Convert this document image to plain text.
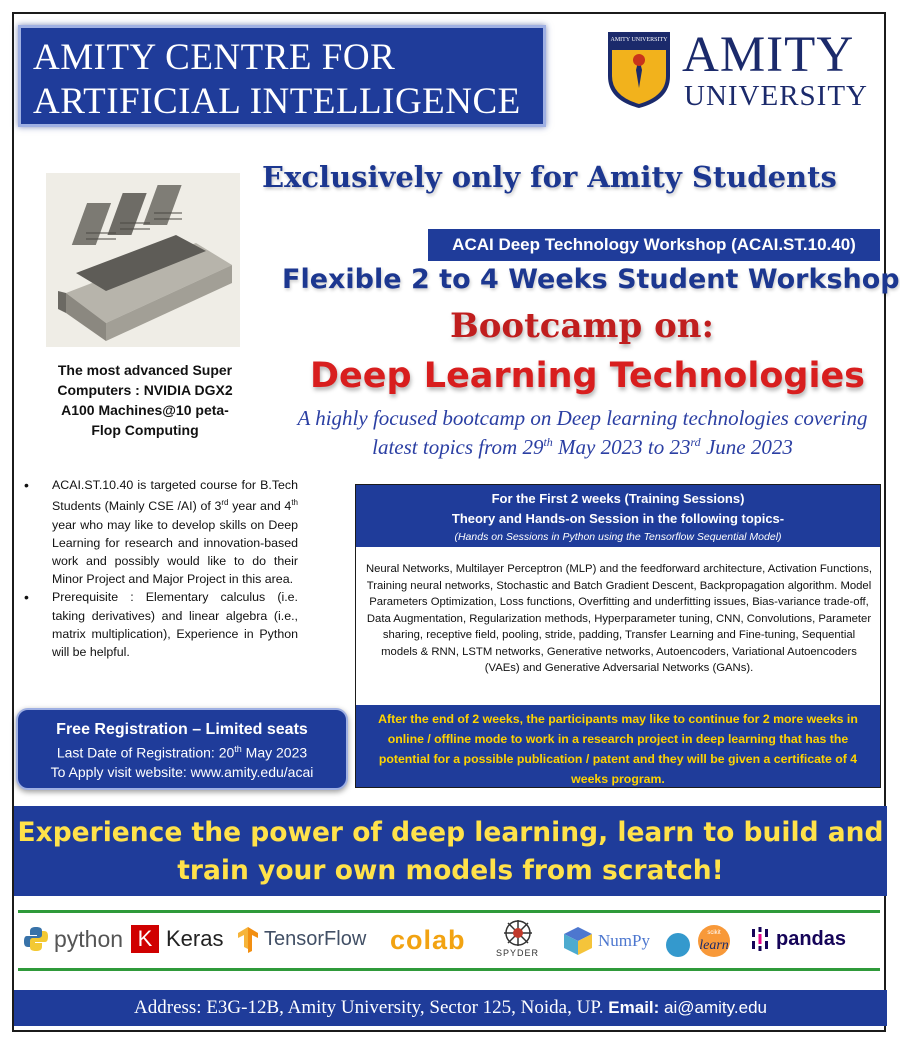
AMITY CENTRE FOR
ARTIFICIAL INTELLIGENCE
AMITY UNIVERSITY AMITY
UNIVERSITY
Exclusively only for Amity Students
ACAI Deep Technology Workshop (ACAI.ST.10.40)
Flexible 2 to 4 Weeks Student Workshop
Bootcamp on:
Deep Learning Technologies
A highly focused bootcamp on Deep learning technologies covering
latest topics from 29th May 2023 to 23rd June 2023
The most advanced Super
Computers : NVIDIA DGX2
A100 Machines@10 peta-
Flop Computing
• ACAI.ST.10.40 is targeted course for B.Tech Students (Mainly CSE /AI) of 3rd year and 4th year who may like to develop skills on Deep Learning for research and innovation-based work and possibly would like to do their Minor Project and Major Project in this area.
• Prerequisite : Elementary calculus (i.e. taking derivatives) and linear algebra (i.e., matrix multiplication), Experience in Python will be helpful.
Free Registration – Limited seats
Last Date of Registration: 20th May 2023
To Apply visit website: www.amity.edu/acai
For the First 2 weeks (Training Sessions)
Theory and Hands-on Session in the following topics-
(Hands on Sessions in Python using the Tensorflow Sequential Model)
Neural Networks, Multilayer Perceptron (MLP) and the feedforward architecture, Activation Functions, Training neural networks, Stochastic and Batch Gradient Descent, Backpropagation algorithm. Model Parameters Optimization, Loss functions, Overfitting and underfitting issues, Bias-variance trade-off, Data Augmentation, Regularization methods, Hyperparameter tuning, CNN, Convolutions, Parameter sharing, receptive field, pooling, stride, padding, Transfer Learning and Fine-tuning, Sequential models & RNN, LSTM networks, Generative networks, Autoencoders, Variational Autoencoders (VAEs) and Generative Adversarial Networks (GANs).
After the end of 2 weeks, the participants may like to continue for 2 more weeks in online / offline mode to work in a research project in deep learning that has the potential for a possible publication / patent and they will be given a certificate of 4 weeks program.
Experience the power of deep learning, learn to build and
train your own models from scratch!
python K Keras TensorFlow colab	SPYDER
NumPy	scikit
learn pandas
Address: E3G-12B, Amity University, Sector 125, Noida, UP. Email: ai@amity.edu
